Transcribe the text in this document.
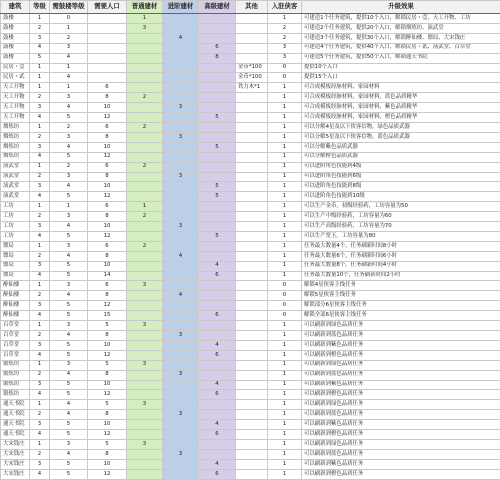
建筑	等级	需鼓楼等级	需要人口	普通建材	进阶建材	高级建材	其他	入驻侠客	升级效果
鼓楼	1	0		1				1	可建造1个任务建筑，提供10个入口，解锁民居・壹、天工开物、工坊
鼓楼	2	1		3				2	可建造2个任务建筑，提供20个入口，解锁烟炼坊、演武堂
鼓楼	3	2			4			2	可建造3个任务建筑，提供30个入口，解锁醉仙楼、镖局、大宋钱庄
鼓楼	4	3				6		3	可建造4个任务建筑，提供40个入口，解锁民居・贰、演武堂、百草堂
鼓楼	5	4				8		3	可建造5个任务建筑，提供50个入口，解锁通天书院
民居・壹	1	1					金币*100	0	提供10个入口
民居・贰	1	4					金币*100	0	提供15个入口
天工开物	1	1	6				铁力木*1	1	可合成模板经脉材料、家园材料
天工开物	2	3	8	2				1	可合成模板经脉材料，家园材料，蓝色品质精华
天工开物	3	4	10		3			1	可合成模板经脉材料，家园材料，紫色品质精华
天工开物	4	5	12			5		1	可合成模板经脉材料，家园材料，橙色品质精华
烟炼坊	1	2	6	2				1	可以分解4星及以下侠客信物，绿色品质武器
烟炼坊	2	3	8		3			1	可以分解5星及以下侠客信物，蓝色品质武器
烟炼坊	3	4	10			5		1	可以分解紫色品质武器
烟炼坊	4	5	12					1	可以分解橙色品质武器
演武堂	1	2	6	2				1	可以进阶角色技能到4级
演武堂	2	3	8		3			1	可以进阶角色技能到6级
演武堂	3	4	10			5		1	可以进阶角色技能到8级
演武堂	4	5	12			5		1	可以进阶角色技能到10级
工坊	1	1	6	1				1	可以生产金币，初级经验药，工坊容量为50
工坊	2	3	8	2				1	可以生产中级经验药，工坊容量为60
工坊	3	4	10		3			1	可以生产高级经验药，工坊容量为70
工坊	4	5	12			5		1	可以生产宽玉，工坊容量为80
镖局	1	3	6	2				1	任务最大数量4个，任务刷新时间8小时
镖局	2	4	8		4			1	任务最大数量6个，任务刷新时间6小时
镖局	3	5	10			4		1	任务最大数量8个，任务刷新时间4小时
镖局	4	5	14			6		1	任务最大数量10个，任务刷新时间2小时
醉仙楼	1	3	6	3				0	解锁4星侠客主线任务
醉仙楼	2	4	8		4			0	解锁5星侠客主线任务
醉仙楼	3	5	12					0	解锁部分6星侠客主线任务
醉仙楼	4	5	15			6		0	解锁全部6星侠客主线任务
百草堂	1	3	5	3				1	可以刷新到绿色品质任务
百草堂	2	4	8		3			1	可以刷新到蓝色品质任务
百草堂	3	5	10			4		1	可以刷新到紫色品质任务
百草堂	4	5	12			6		1	可以刷新到橙色品质任务
锻炼坊	1	3	5	3				1	可以刷新到绿色品质任务
锻炼坊	2	4	8		3			1	可以刷新到蓝色品质任务
锻炼坊	3	5	10			4		1	可以刷新到紫色品质任务
锻炼坊	4	5	12			6		1	可以刷新到橙色品质任务
通天书院	1	4	5	3				1	可以刷新到绿色品质任务
通天书院	2	4	8		3			1	可以刷新到蓝色品质任务
通天书院	3	5	10			4		1	可以刷新到紫色品质任务
通天书院	4	5	12			6		1	可以刷新到橙色品质任务
大宋钱庄	1	3	5	3				1	可以刷新到绿色品质任务
大宋钱庄	2	4	8		3			1	可以刷新到蓝色品质任务
大宋钱庄	3	5	10			4		1	可以刷新到紫色品质任务
大宋钱庄	4	5	12			6		1	可以刷新到橙色品质任务
